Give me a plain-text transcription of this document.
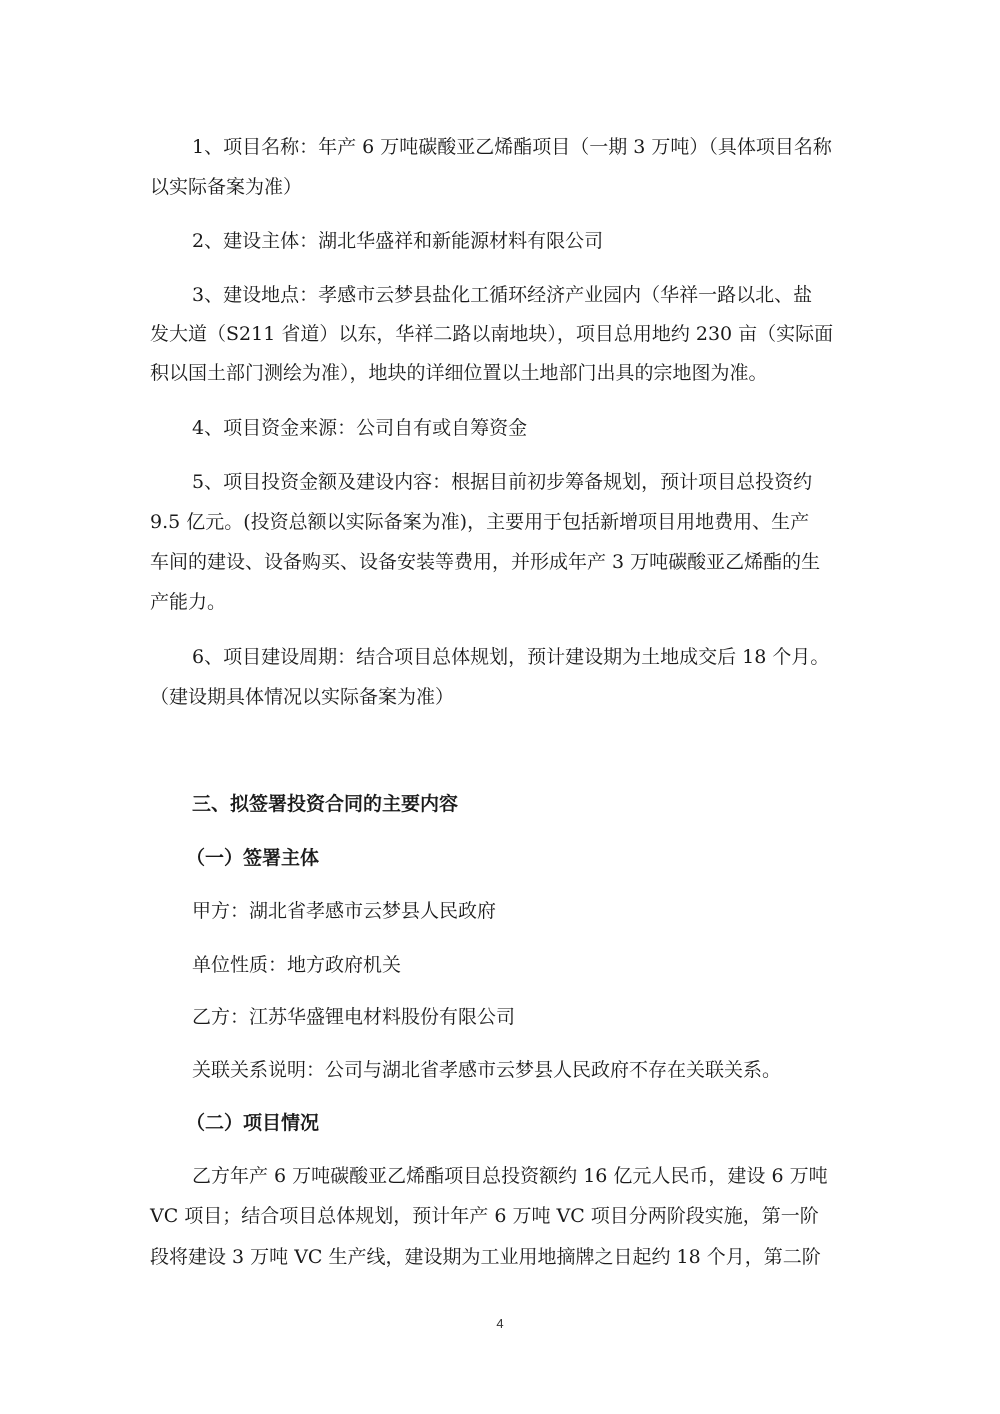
1、项目名称：年产 6 万吨碳酸亚乙烯酯项目（一期 3 万吨）（具体项目名称

以实际备案为准）

2、建设主体：湖北华盛祥和新能源材料有限公司

3、建设地点：孝感市云梦县盐化工循环经济产业园内（华祥一路以北、盐

发大道（S211 省道）以东，华祥二路以南地块），项目总用地约 230 亩（实际面

积以国土部门测绘为准），地块的详细位置以土地部门出具的宗地图为准。

4、项目资金来源：公司自有或自筹资金

5、项目投资金额及建设内容：根据目前初步筹备规划，预计项目总投资约

9.5 亿元。(投资总额以实际备案为准)，主要用于包括新增项目用地费用、生产

车间的建设、设备购买、设备安装等费用，并形成年产 3 万吨碳酸亚乙烯酯的生

产能力。

6、项目建设周期：结合项目总体规划，预计建设期为土地成交后 18 个月。

（建设期具体情况以实际备案为准）

三、拟签署投资合同的主要内容

（一）签署主体

甲方：湖北省孝感市云梦县人民政府

单位性质：地方政府机关

乙方：江苏华盛锂电材料股份有限公司

关联关系说明：公司与湖北省孝感市云梦县人民政府不存在关联关系。

（二）项目情况

乙方年产 6 万吨碳酸亚乙烯酯项目总投资额约 16 亿元人民币，建设 6 万吨

VC 项目；结合项目总体规划，预计年产 6 万吨 VC 项目分两阶段实施，第一阶

段将建设 3 万吨 VC 生产线，建设期为工业用地摘牌之日起约 18 个月，第二阶

4
